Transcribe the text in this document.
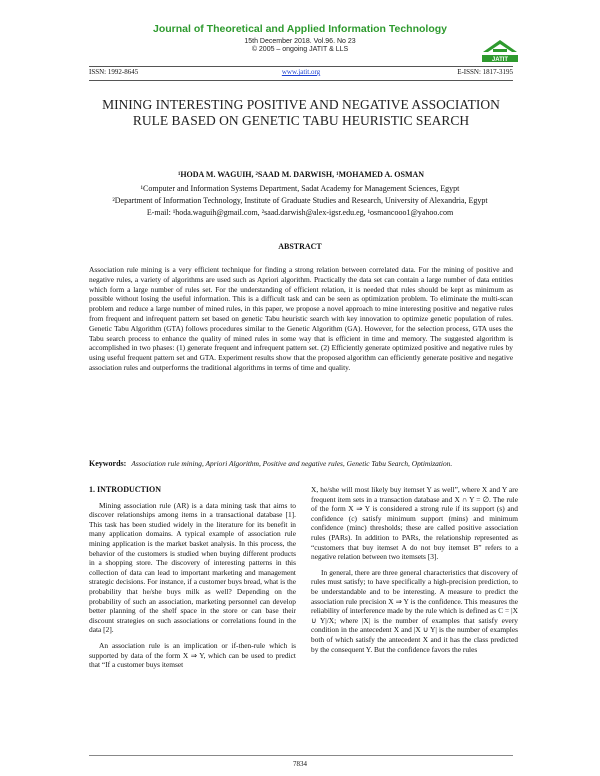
Journal of Theoretical and Applied Information Technology
15th December 2018. Vol.96. No 23
© 2005 – ongoing JATIT & LLS
JATIT
ISSN: 1992-8645	www.jatit.org	E-ISSN: 1817-3195
MINING INTERESTING POSITIVE AND NEGATIVE ASSOCIATION RULE BASED ON GENETIC TABU HEURISTIC SEARCH
¹HODA M. WAGUIH, ²SAAD M. DARWISH, ¹MOHAMED A. OSMAN
¹Computer and Information Systems Department, Sadat Academy for Management Sciences, Egypt
²Department of Information Technology, Institute of Graduate Studies and Research, University of Alexandria, Egypt
E-mail: ¹hoda.waguih@gmail.com, ²saad.darwish@alex-igsr.edu.eg, ¹osmancooo1@yahoo.com
ABSTRACT
Association rule mining is a very efficient technique for finding a strong relation between correlated data. For the mining of positive and negative rules, a variety of algorithms are used such as Apriori algorithm. Practically the data set can contain a large number of data entities which form a large number of rules set. For the understanding of efficient relation, it is needed that rules should be kept as minimum as possible without losing the useful information. This is a difficult task and can be seen as optimization problem. To eliminate the multi-scan problem and reduce a large number of mined rules, in this paper, we propose a novel approach to mine interesting positive and negative rules from frequent and infrequent pattern set based on genetic Tabu heuristic search with key innovation to optimize genetic population of rules. Genetic Tabu Algorithm (GTA) follows procedures similar to the Genetic Algorithm (GA). However, for the selection process, GTA uses the Tabu search process to enhance the quality of mined rules in some way that is efficient in time and memory. The suggested algorithm is accomplished in two phases: (1) generate frequent and infrequent pattern set. (2) Efficiently generate optimized positive and negative rules by using useful frequent pattern set and GTA. Experiment results show that the proposed algorithm can efficiently generate positive and negative association rules and outperforms the traditional algorithms in terms of time and quality.
Keywords: Association rule mining, Apriori Algorithm, Positive and negative rules, Genetic Tabu Search, Optimization.
1. INTRODUCTION

Mining association rule (AR) is a data mining task that aims to discover relationships among items in a transactional database [1]. This task has been studied widely in the literature for its benefit in many application domains. A typical example of association rule mining application is the market basket analysis. In this process, the behavior of the customers is studied when buying different products in a shopping store. The discovery of interesting patterns in this collection of data can lead to important marketing and management strategic decisions. For instance, if a customer buys bread, what is the probability that he/she buys milk as well? Depending on the probability of such an association, marketing personnel can develop better planning of the shelf space in the store or can base their discount strategies on such associations or correlations found in the data [2].

An association rule is an implication or if-then-rule which is supported by data of the form X ⇒ Y, which can be used to predict that “If a customer buys itemset

X, he/she will most likely buy itemset Y as well”, where X and Y are frequent item sets in a transaction database and X ∩ Y = ∅. The rule of the form X ⇒ Y is considered a strong rule if its support (s) and confidence (c) satisfy minimum support (mins) and minimum confidence (minc) thresholds; these are called positive association rules (PARs). In addition to PARs, the relationship represented as “customers that buy itemset A do not buy itemset B” refers to a negative relation between two itemsets [3].

In general, there are three general characteristics that discovery of rules must satisfy; to have specifically a high-precision prediction, to be understandable and to be interesting. A measure to predict the association rule precision X ⇒ Y is the confidence. This measures the reliability of interference made by the rule which is defined as C = |X ∪ Y|/X; where |X| is the number of examples that satisfy every condition in the antecedent X and |X ∪ Y| is the number of examples both of which satisfy the antecedent X and it has the class predicted by the consequent Y. But the confidence favors the rules

7834
